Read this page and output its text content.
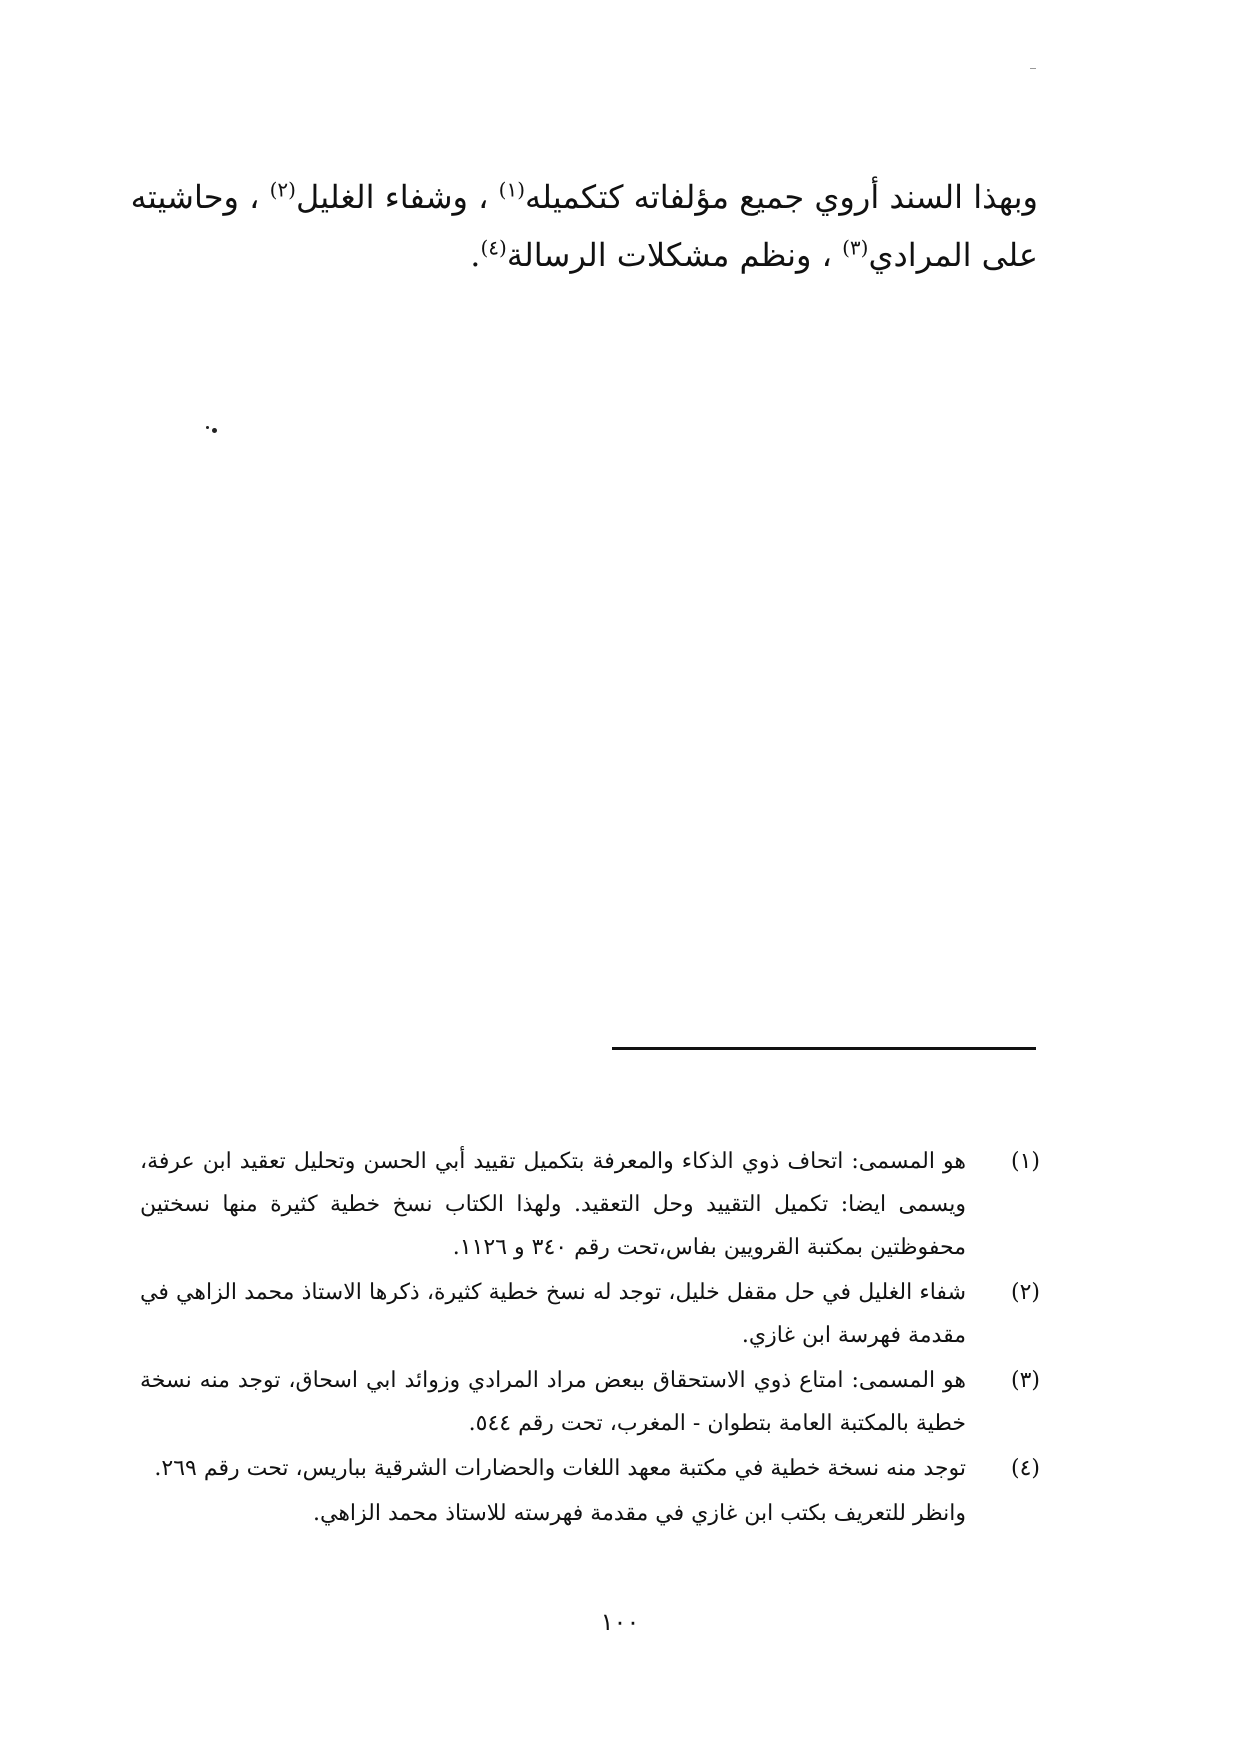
وبهذا السند أروي جميع مؤلفاته كتكميله$^{(١)}$ ، وشفاء الغليل$^{(٢)}$ ، وحاشيته على المرادي$^{(٣)}$ ، ونظم مشكلات الرسالة$^{(٤)}$.

(١)
هو المسمى: اتحاف ذوي الذكاء والمعرفة بتكميل تقييد أبي الحسن وتحليل تعقيد ابن عرفة، ويسمى ايضا: تكميل التقييد وحل التعقيد. ولهذا الكتاب نسخ خطية كثيرة منها نسختين محفوظتين بمكتبة القرويين بفاس،تحت رقم ٣٤٠ و ١١٢٦.
(٢)
شفاء الغليل في حل مقفل خليل، توجد له نسخ خطية كثيرة، ذكرها الاستاذ محمد الزاهي في مقدمة فهرسة ابن غازي.
(٣)
هو المسمى: امتاع ذوي الاستحقاق ببعض مراد المرادي وزوائد ابي اسحاق، توجد منه نسخة خطية بالمكتبة العامة بتطوان - المغرب، تحت رقم ٥٤٤.
(٤)
توجد منه نسخة خطية في مكتبة معهد اللغات والحضارات الشرقية بباريس، تحت رقم ٢٦٩.
وانظر للتعريف بكتب ابن غازي في مقدمة فهرسته للاستاذ محمد الزاهي.
١٠٠
